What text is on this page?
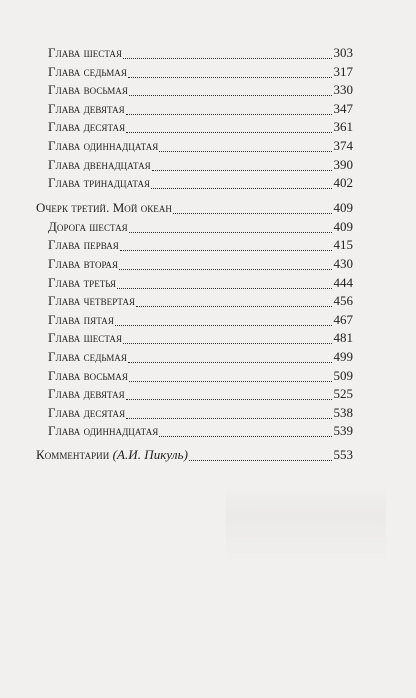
Глава шестая	303
Глава седьмая	317
Глава восьмая	330
Глава девятая	347
Глава десятая	361
Глава одиннадцатая	374
Глава двенадцатая	390
Глава тринадцатая	402
Очерк третий. Мой океан	409
Дорога шестая	409
Глава первая	415
Глава вторая	430
Глава третья	444
Глава четвертая	456
Глава пятая	467
Глава шестая	481
Глава седьмая	499
Глава восьмая	509
Глава девятая	525
Глава десятая	538
Глава одиннадцатая	539
Комментарии (А.И. Пикуль)	553
